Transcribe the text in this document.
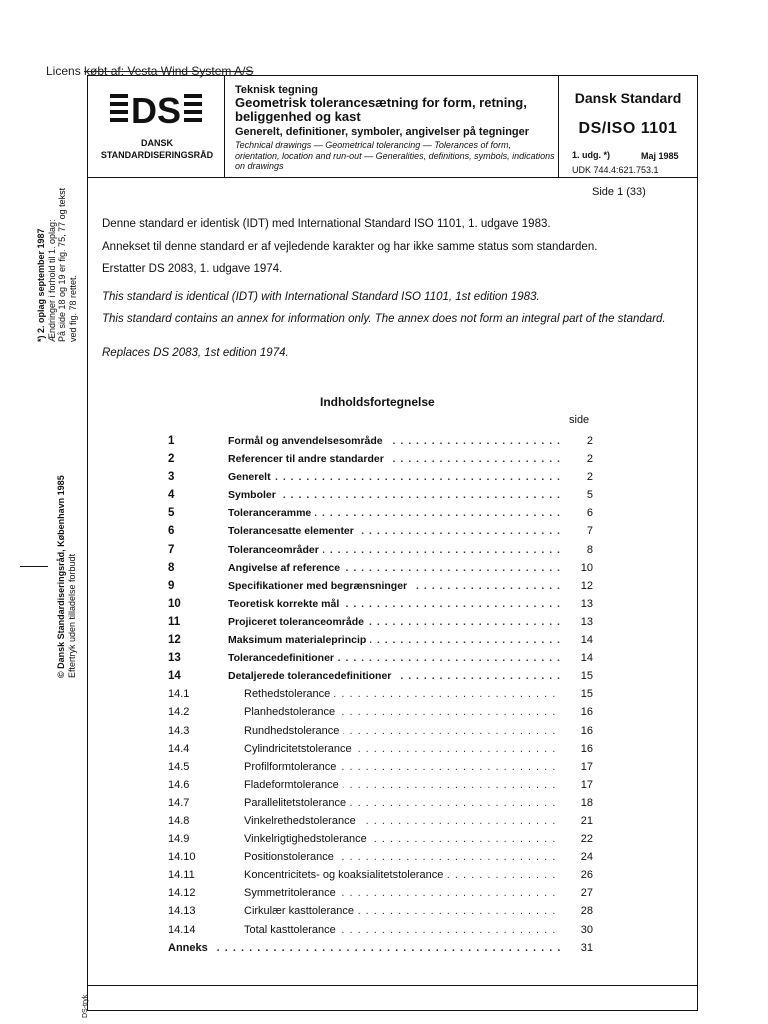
Licens købt af: Vesta Wind System A/S
DS
DANSK
STANDARDISERINGSRÅD
Teknisk tegning
Geometrisk tolerancesætning for form, retning,
beliggenhed og kast
Generelt, definitioner, symboler, angivelser på tegninger
Technical drawings — Geometrical tolerancing — Tolerances of form, orientation, location and run-out — Generalities, definitions, symbols, indications on drawings
Dansk Standard
DS/ISO 1101
1. udg. *)	Maj 1985
UDK 744.4:621.753.1
Side 1 (33)
Denne standard er identisk (IDT) med International Standard ISO 1101, 1. udgave 1983.
Annekset til denne standard er af vejledende karakter og har ikke samme status som standarden.
Erstatter DS 2083, 1. udgave 1974.
This standard is identical (IDT) with International Standard ISO 1101, 1st edition 1983.
This standard contains an annex for information only. The annex does not form an integral part of the standard.
Replaces DS 2083, 1st edition 1974.
Indholdsfortegnelse
side
1	Formål og anvendelsesområde . . .	2
2	Referencer til andre standarder . . .	2
3	Generelt . . .	2
4	Symboler . . .	5
5	Toleranceramme . . .	6
6	Tolerancesatte elementer . . .	7
7	Toleranceområder . . .	8
8	Angivelse af reference . . .	10
9	Specifikationer med begrænsninger . . .	12
10	Teoretisk korrekte mål . . .	13
11	Projiceret toleranceområde . . .	13
12	Maksimum materialeprincip . . .	14
13	Tolerancedefinitioner . . .	14
14	Detaljerede tolerancedefinitioner . . .	15
14.1	Rethedstolerance . . .	15
14.2	Planhedstolerance . . .	16
14.3	Rundhedstolerance . . .	16
14.4	Cylindricitetstolerance . . .	16
14.5	Profilformtolerance . . .	17
14.6	Fladeformtolerance . . .	17
14.7	Parallelitetstolerance . . .	18
14.8	Vinkelrethedstolerance . . .	21
14.9	Vinkelrigtighedstolerance . . .	22
14.10	Positionstolerance . . .	24
14.11	Koncentricitets- og koaksialitetstolerance . . .	26
14.12	Symmetritolerance . . .	27
14.13	Cirkulær kasttolerance . . .	28
14.14	Total kasttolerance . . .	30
Anneks . . .	31
*) 2. oplag september 1987 Ændringer i forhold til 1. oplag: På side 18 og 19 er fig. 75, 77 og tekst ved fig. 78 rettet.
© Dansk Standardiseringsråd, København 1985 Eftertryk uden tilladelse forbudt
DS-tryk
